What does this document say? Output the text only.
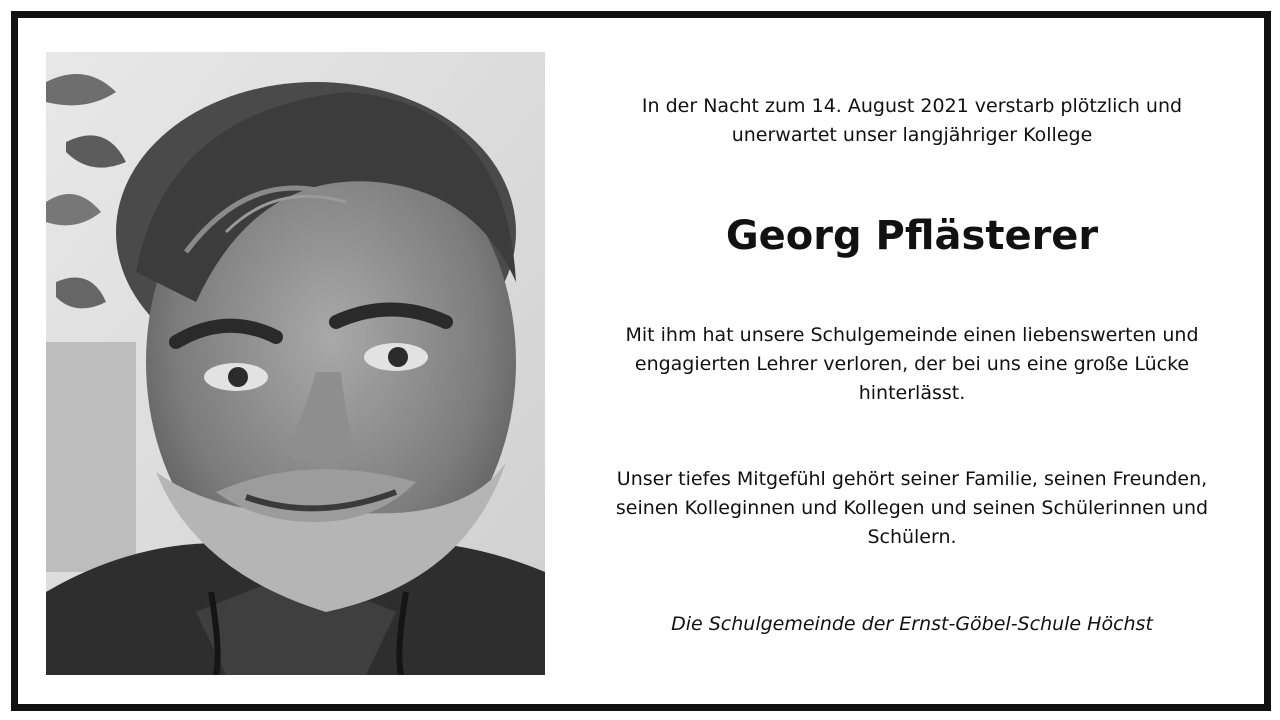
In der Nacht zum 14. August 2021 verstarb plötzlich und
unerwartet unser langjähriger Kollege
Georg Pflästerer
Mit ihm hat unsere Schulgemeinde einen liebenswerten und
engagierten Lehrer verloren, der bei uns eine große Lücke
hinterlässt.
Unser tiefes Mitgefühl gehört seiner Familie, seinen Freunden,
seinen Kolleginnen und Kollegen und seinen Schülerinnen und
Schülern.
Die Schulgemeinde der Ernst-Göbel-Schule Höchst
